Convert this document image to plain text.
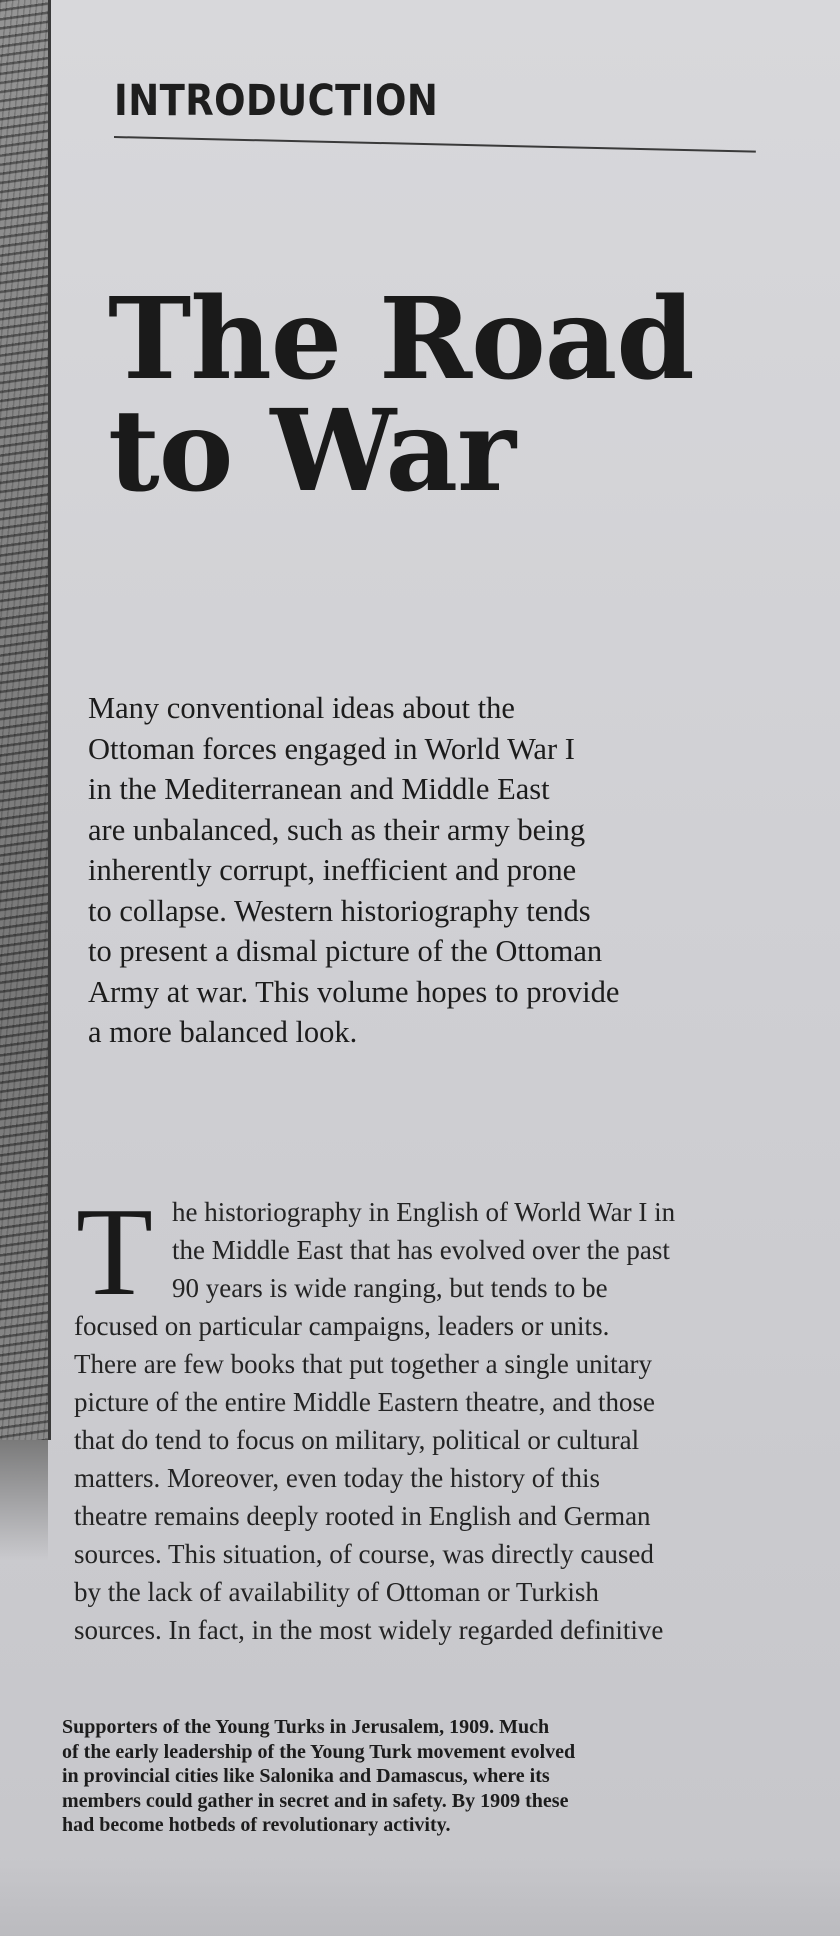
INTRODUCTION
The Road
to War
Many conventional ideas about the
Ottoman forces engaged in World War I
in the Mediterranean and Middle East
are unbalanced, such as their army being
inherently corrupt, inefficient and prone
to collapse. Western historiography tends
to present a dismal picture of the Ottoman
Army at war. This volume hopes to provide
a more balanced look.
T he historiography in English of World War I in
the Middle East that has evolved over the past
90 years is wide ranging, but tends to be
focused on particular campaigns, leaders or units.
There are few books that put together a single unitary
picture of the entire Middle Eastern theatre, and those
that do tend to focus on military, political or cultural
matters. Moreover, even today the history of this
theatre remains deeply rooted in English and German
sources. This situation, of course, was directly caused
by the lack of availability of Ottoman or Turkish
sources. In fact, in the most widely regarded definitive
Supporters of the Young Turks in Jerusalem, 1909. Much
of the early leadership of the Young Turk movement evolved
in provincial cities like Salonika and Damascus, where its
members could gather in secret and in safety. By 1909 these
had become hotbeds of revolutionary activity.
